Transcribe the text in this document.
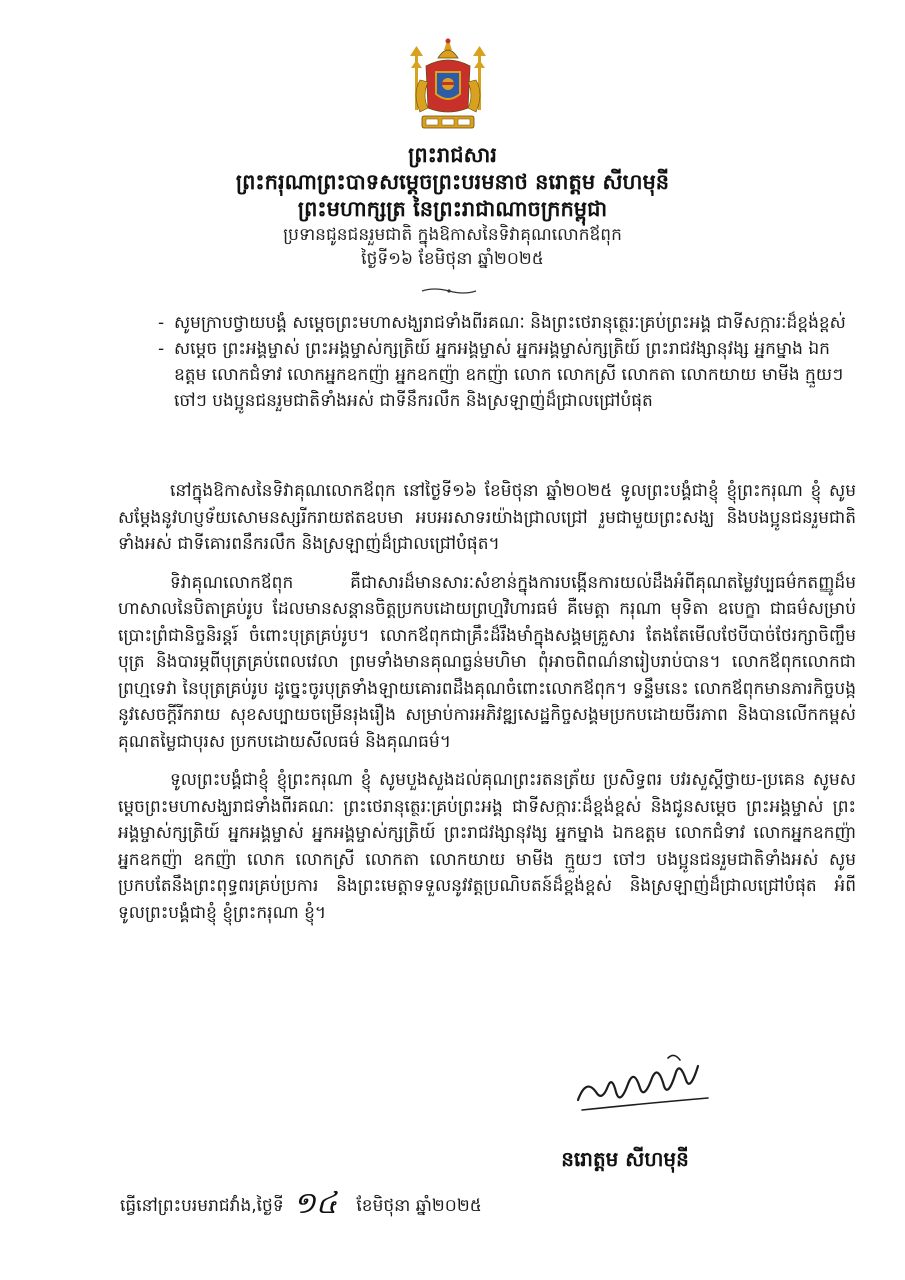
ព្រះរាជសារ
ព្រះករុណាព្រះបាទសម្តេចព្រះបរមនាថ នរោត្តម សីហមុនី
ព្រះមហាក្សត្រ នៃព្រះរាជាណាចក្រកម្ពុជា
ប្រទានជូនជនរួមជាតិ ក្នុងឱកាសនៃទិវាគុណលោកឪពុក
ថ្ងៃទី១៦ ខែមិថុនា ឆ្នាំ២០២៥
- សូមក្រាបថ្វាយបង្គំ សម្តេចព្រះមហាសង្ឃរាជទាំងពីរគណៈ និងព្រះថេរានុត្ថេរៈគ្រប់ព្រះអង្គ ជាទីសក្ការៈដ៏ខ្ពង់ខ្ពស់
- សម្តេច ព្រះអង្គម្ចាស់ ព្រះអង្គម្ចាស់ក្សត្រិយ៍ អ្នកអង្គម្ចាស់ អ្នកអង្គម្ចាស់ក្សត្រិយ៍ ព្រះរាជវង្សានុវង្ស អ្នកម្នាង ឯកឧត្តម លោកជំទាវ លោកអ្នកឧកញ៉ា អ្នកឧកញ៉ា ឧកញ៉ា លោក លោកស្រី លោកតា លោកយាយ មាមីង ក្មួយៗ ចៅៗ បងប្អូនជនរួមជាតិទាំងអស់ ជាទីនឹករលឹក និងស្រឡាញ់ដ៏ជ្រាលជ្រៅបំផុត

នៅក្នុងឱកាសនៃទិវាគុណលោកឪពុក នៅថ្ងៃទី១៦ ខែមិថុនា ឆ្នាំ២០២៥ ទូលព្រះបង្គំជាខ្ញុំ ខ្ញុំព្រះករុណា ខ្ញុំ សូមសម្តែងនូវហប្ញទ័យសោមនស្សរីករាយឥតឧបមា អបអរសាទរយ៉ាងជ្រាលជ្រៅ រួមជាមួយព្រះសង្ឃ និងបងប្អូនជនរួមជាតិទាំងអស់ ជាទីគោរពនឹករលឹក និងស្រឡាញ់ដ៏ជ្រាលជ្រៅបំផុត។

ទិវាគុណលោកឪពុក គឺជាសារដ៏មានសារៈសំខាន់ក្នុងការបង្កើនការយល់ដឹងអំពីគុណតម្លៃវប្បធម៌កតញ្ញូដ៏មហាសាលនៃបិតាគ្រប់រូប ដែលមានសន្តានចិត្តប្រកបដោយព្រហ្មវិហារធម៌ គឺមេត្តា ករុណា មុទិតា ឧបេក្ខា ជាធម៌សម្រាប់ប្រោះព្រំជានិច្ចនិរន្តរ៍ ចំពោះបុត្រគ្រប់រូប។ លោកឪពុកជាគ្រឹះដ៏រឹងមាំក្នុងសង្គមគ្រួសារ តែងតែមើលថែបីបាច់ថែរក្សាចិញ្ចឹមបុត្រ និងបារម្ភពីបុត្រគ្រប់ពេលវេលា ព្រមទាំងមានគុណធ្ងន់មហិមា ពុំអាចពិពណ៌នារៀបរាប់បាន។ លោកឪពុកលោកជាព្រហ្មទេវា នៃបុត្រគ្រប់រូប ដូច្នេះចូរបុត្រទាំងឡាយគោរពដឹងគុណចំពោះលោកឪពុក។ ទន្ទឹមនេះ លោកឪពុកមានភារកិច្ចបង្កនូវសេចក្តីរីករាយ សុខសប្បាយចម្រើនរុងរឿង សម្រាប់ការអភិវឌ្ឍសេដ្ឋកិច្ចសង្គមប្រកបដោយចីរភាព និងបានលើកកម្ពស់គុណតម្លៃជាបុរស ប្រកបដោយសីលធម៌ និងគុណធម៌។

ទូលព្រះបង្គំជាខ្ញុំ ខ្ញុំព្រះករុណា ខ្ញុំ សូមបួងសួងដល់គុណព្រះរតនត្រ័យ ប្រសិទ្ធពរ បវរសួស្តីថ្វាយ-ប្រគេន សូមសម្តេចព្រះមហាសង្ឃរាជទាំងពីរគណៈ ព្រះថេរានុត្ថេរៈគ្រប់ព្រះអង្គ ជាទីសក្ការៈដ៏ខ្ពង់ខ្ពស់ និងជូនសម្តេច ព្រះអង្គម្ចាស់ ព្រះអង្គម្ចាស់ក្សត្រិយ៍ អ្នកអង្គម្ចាស់ អ្នកអង្គម្ចាស់ក្សត្រិយ៍ ព្រះរាជវង្សានុវង្ស អ្នកម្នាង ឯកឧត្តម លោកជំទាវ លោកអ្នកឧកញ៉ា អ្នកឧកញ៉ា ឧកញ៉ា លោក លោកស្រី លោកតា លោកយាយ មាមីង ក្មួយៗ ចៅៗ បងប្អូនជនរួមជាតិទាំងអស់ សូមប្រកបតែនឹងព្រះពុទ្ធពរគ្រប់ប្រការ និងព្រះមេត្តាទទួលនូវវត្តប្រណិបតន៍ដ៏ខ្ពង់ខ្ពស់ និងស្រឡាញ់ដ៏ជ្រាលជ្រៅបំផុត អំពីទូលព្រះបង្គំជាខ្ញុំ ខ្ញុំព្រះករុណា ខ្ញុំ។

នរោត្តម សីហមុនី
ធ្វើនៅព្រះបរមរាជវាំង,ថ្ងៃទី ១៤ ខែមិថុនា ឆ្នាំ២០២៥
